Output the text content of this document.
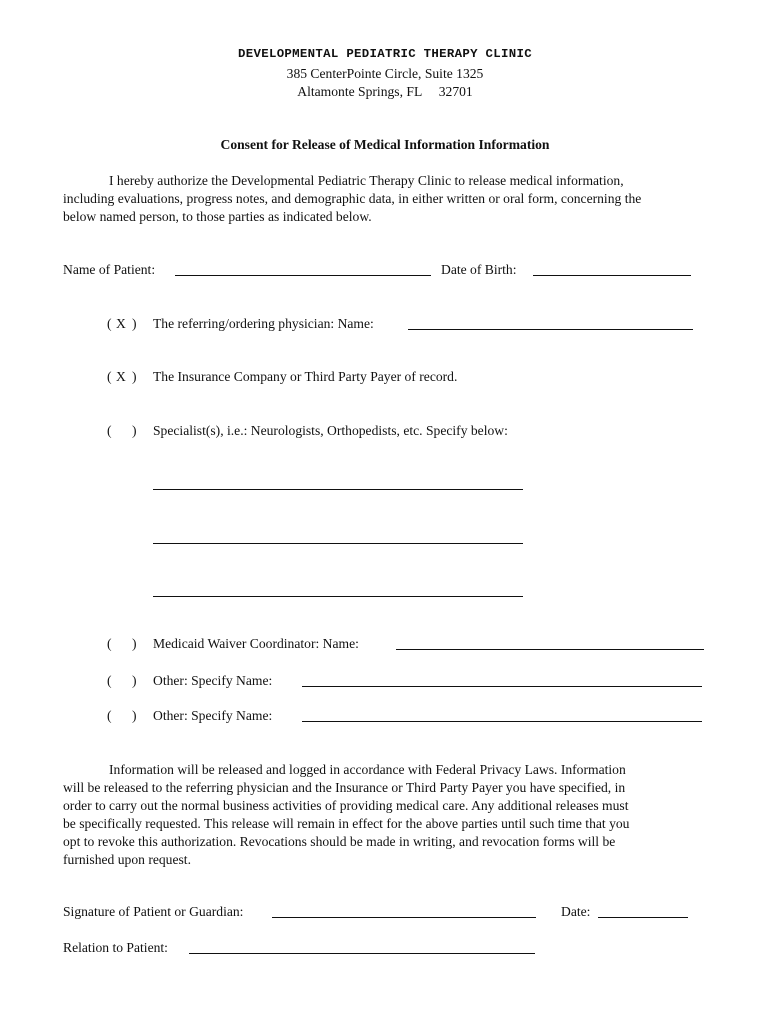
DEVELOPMENTAL PEDIATRIC THERAPY CLINIC
385 CenterPointe Circle, Suite 1325
Altamonte Springs, FL     32701
Consent for Release of Medical Information Information
I hereby authorize the Developmental Pediatric Therapy Clinic to release medical information,
including evaluations, progress notes, and demographic data, in either written or oral form, concerning the
below named person, to those parties as indicated below.
Name of Patient:	Date of Birth:
( X ) The referring/ordering physician: Name:
( X ) The Insurance Company or Third Party Payer of record.
( ) Specialist(s), i.e.: Neurologists, Orthopedists, etc. Specify below:
( ) Medicaid Waiver Coordinator: Name:
( ) Other: Specify Name:
( ) Other: Specify Name:
Information will be released and logged in accordance with Federal Privacy Laws. Information
will be released to the referring physician and the Insurance or Third Party Payer you have specified, in
order to carry out the normal business activities of providing medical care. Any additional releases must
be specifically requested. This release will remain in effect for the above parties until such time that you
opt to revoke this authorization. Revocations should be made in writing, and revocation forms will be
furnished upon request.
Signature of Patient or Guardian:	Date:
Relation to Patient:
